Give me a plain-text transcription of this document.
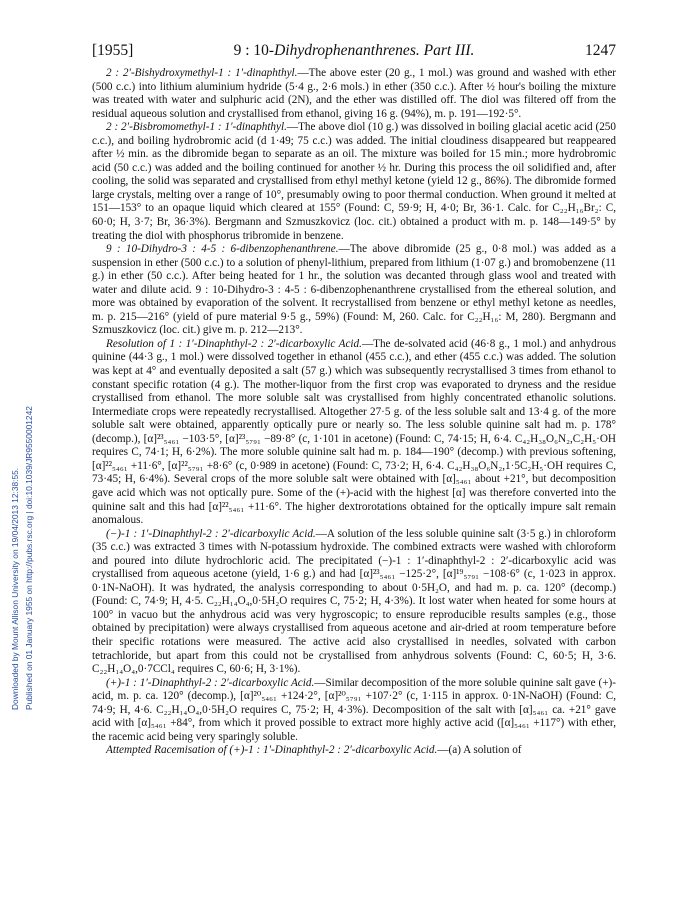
Downloaded by Mount Allison University on 19/04/2013 12:38:55. Published on 01 January 1955 on http://pubs.rsc.org | doi:10.1039/JR9550001242
[1955]	9 : 10-Dihydrophenanthrenes. Part III.	1247

2 : 2′-Bishydroxymethyl-1 : 1′-dinaphthyl.—The above ester (20 g., 1 mol.) was ground and washed with ether (500 c.c.) into lithium aluminium hydride (5·4 g., 2·6 mols.) in ether (350 c.c.). After ½ hour's boiling the mixture was treated with water and sulphuric acid (2N), and the ether was distilled off. The diol was filtered off from the residual aqueous solution and crystallised from ethanol, giving 16 g. (94%), m. p. 191—192·5°.

2 : 2′-Bisbromomethyl-1 : 1′-dinaphthyl.—The above diol (10 g.) was dissolved in boiling glacial acetic acid (250 c.c.), and boiling hydrobromic acid (d 1·49; 75 c.c.) was added. The initial cloudiness disappeared but reappeared after ½ min. as the dibromide began to separate as an oil. The mixture was boiled for 15 min.; more hydrobromic acid (50 c.c.) was added and the boiling continued for another ½ hr. During this process the oil solidified and, after cooling, the solid was separated and crystallised from ethyl methyl ketone (yield 12 g., 86%). The dibromide formed large crystals, melting over a range of 10°, presumably owing to poor thermal conduction. When ground it melted at 151—153° to an opaque liquid which cleared at 155° (Found: C, 59·9; H, 4·0; Br, 36·1. Calc. for C₂₂H₁₆Br₂: C, 60·0; H, 3·7; Br, 36·3%). Bergmann and Szmuszkovicz (loc. cit.) obtained a product with m. p. 148—149·5° by treating the diol with phosphorus tribromide in benzene.

9 : 10-Dihydro-3 : 4-5 : 6-dibenzophenanthrene.—The above dibromide (25 g., 0·8 mol.) was added as a suspension in ether (500 c.c.) to a solution of phenyl-lithium, prepared from lithium (1·07 g.) and bromobenzene (11 g.) in ether (50 c.c.). After being heated for 1 hr., the solution was decanted through glass wool and treated with water and dilute acid. 9 : 10-Dihydro-3 : 4-5 : 6-dibenzophenanthrene crystallised from the ethereal solution, and more was obtained by evaporation of the solvent. It recrystallised from benzene or ethyl methyl ketone as needles, m. p. 215—216° (yield of pure material 9·5 g., 59%) (Found: M, 260. Calc. for C₂₂H₁₆: M, 280). Bergmann and Szmuszkovicz (loc. cit.) give m. p. 212—213°.

Resolution of 1 : 1′-Dinaphthyl-2 : 2′-dicarboxylic Acid.—The de-solvated acid (46·8 g., 1 mol.) and anhydrous quinine (44·3 g., 1 mol.) were dissolved together in ethanol (455 c.c.), and ether (455 c.c.) was added. The solution was kept at 4° and eventually deposited a salt (57 g.) which was subsequently recrystallised 3 times from ethanol to constant specific rotation (4 g.). The mother-liquor from the first crop was evaporated to dryness and the residue crystallised from ethanol. The more soluble salt was crystallised from highly concentrated ethanolic solutions. Intermediate crops were repeatedly recrystallised. Altogether 27·5 g. of the less soluble salt and 13·4 g. of the more soluble salt were obtained, apparently optically pure or nearly so. The less soluble quinine salt had m. p. 178° (decomp.), [α]²³₅₄₆₁ −103·5°, [α]²³₅₇₉₁ −89·8° (c, 1·101 in acetone) (Found: C, 74·15; H, 6·4. C₄₂H₃₈O₆N₂,C₂H₅·OH requires C, 74·1; H, 6·2%). The more soluble quinine salt had m. p. 184—190° (decomp.) with previous softening, [α]²²₅₄₆₁ +11·6°, [α]²²₅₇₉₁ +8·6° (c, 0·989 in acetone) (Found: C, 73·2; H, 6·4. C₄₂H₃₈O₆N₂,1·5C₂H₅·OH requires C, 73·45; H, 6·4%). Several crops of the more soluble salt were obtained with [α]₅₄₆₁ about +21°, but decomposition gave acid which was not optically pure. Some of the (+)-acid with the highest [α] was therefore converted into the quinine salt and this had [α]²²₅₄₆₁ +11·6°. The higher dextrorotations obtained for the optically impure salt remain anomalous.

(−)-1 : 1′-Dinaphthyl-2 : 2′-dicarboxylic Acid.—A solution of the less soluble quinine salt (3·5 g.) in chloroform (35 c.c.) was extracted 3 times with N-potassium hydroxide. The combined extracts were washed with chloroform and poured into dilute hydrochloric acid. The precipitated (−)-1 : 1′-dinaphthyl-2 : 2′-dicarboxylic acid was crystallised from aqueous acetone (yield, 1·6 g.) and had [α]²³₅₄₆₁ −125·2°, [α]¹⁹₅₇₉₁ −108·6° (c, 1·023 in approx. 0·1N-NaOH). It was hydrated, the analysis corresponding to about 0·5H₂O, and had m. p. ca. 120° (decomp.) (Found: C, 74·9; H, 4·5. C₂₂H₁₄O₄,0·5H₂O requires C, 75·2; H, 4·3%). It lost water when heated for some hours at 100° in vacuo but the anhydrous acid was very hygroscopic; to ensure reproducible results samples (e.g., those obtained by precipitation) were always crystallised from aqueous acetone and air-dried at room temperature before their specific rotations were measured. The active acid also crystallised in needles, solvated with carbon tetrachloride, but apart from this could not be crystallised from anhydrous solvents (Found: C, 60·5; H, 3·6. C₂₂H₁₄O₄,0·7CCl₄ requires C, 60·6; H, 3·1%).

(+)-1 : 1′-Dinaphthyl-2 : 2′-dicarboxylic Acid.—Similar decomposition of the more soluble quinine salt gave (+)-acid, m. p. ca. 120° (decomp.), [α]²⁰₅₄₆₁ +124·2°, [α]²⁰₅₇₉₁ +107·2° (c, 1·115 in approx. 0·1N-NaOH) (Found: C, 74·9; H, 4·6. C₂₂H₁₄O₄,0·5H₂O requires C, 75·2; H, 4·3%). Decomposition of the salt with [α]₅₄₆₁ ca. +21° gave acid with [α]₅₄₆₁ +84°, from which it proved possible to extract more highly active acid ([α]₅₄₆₁ +117°) with ether, the racemic acid being very sparingly soluble.

Attempted Racemisation of (+)-1 : 1′-Dinaphthyl-2 : 2′-dicarboxylic Acid.—(a) A solution of
